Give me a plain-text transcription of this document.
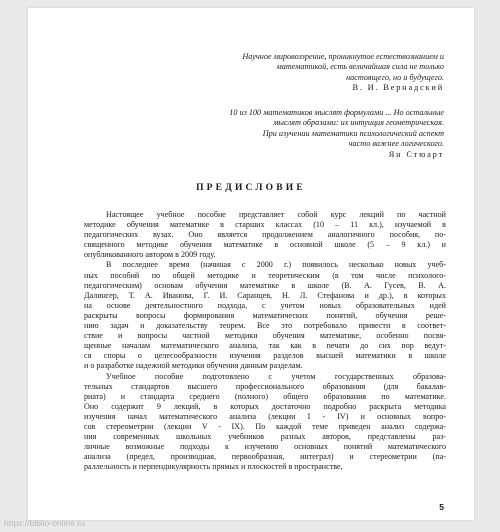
Научное мировоззрение, проникнутое естествознанием и
математикой, есть величайшая сила не только
настоящего, но и будущего.
В. И. Вернадский
10 из 100 математиков мыслят формулами ... Но остальные
мыслят образами: их интуиция геометрическая.
При изучении математики психологический аспект
часто важнее логического.
Ян Стюарт
ПРЕДИСЛОВИЕ
Настоящее учебное пособие представляет собой курс лекций по частной
методике обучения математике в старших классах (10 – 11 кл.), изучаемой в
педагогических вузах. Оно является продолжением аналогичного пособия, по-
священного методике обучения математике в основной школе (5 – 9 кл.) и
опубликованного автором в 2009 году.
В последнее время (начиная с 2000 г.) появилось несколько новых учеб-
ных пособий по общей методике и теоретическим (в том числе психолого-
педагогическим) основам обучения математике в школе (В. А. Гусев, В. А.
Далингер, Т. А. Иванова, Г. И. Саранцев, Н. Л. Стефанова и др.), в которых
на основе деятельностного подхода, с учетом новых образовательных идей
раскрыты вопросы формирования математических понятий, обучения решe-
нию задач и доказательству теорем. Все это потребовало привести в соответ-
ствие и вопросы частной методики обучения математике, особенно посвя-
щенные началам математического анализа, так как в печати до сих пор ведут-
ся споры о целесообразности изучения разделов высшей математики в школе
и о разработке надежной методики обучения данным разделам.
Учебное пособие подготовлено с учетом государственных образова-
тельных стандартов высшего профессионального образования (для бакалав-
риата) и стандарта среднего (полного) общего образования по математике.
Оно содержит 9 лекций, в которых достаточно подробно раскрыта методика
изучения начал математического анализа (лекции I - IV) и основных вопро-
сов стереометрии (лекции V - IX). По каждой теме приведен анализ содержа-
ния современных школьных учебников разных авторов, представлены раз-
личные возможные подходы к изучению основных понятий математического
анализа (предел, производная, первообразная, интеграл) и стереометрии (па-
раллельность и перпендикулярность прямых и плоскостей в пространстве,
5
https://biblio-online.ru
